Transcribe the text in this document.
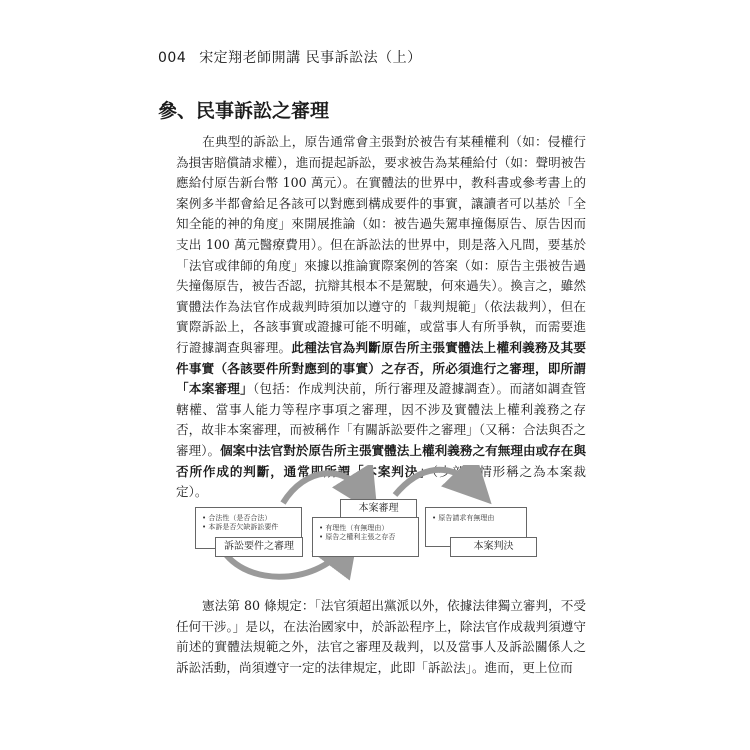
004 宋定翔老師開講 民事訴訟法（上）
參、民事訴訟之審理
在典型的訴訟上，原告通常會主張對於被告有某種權利（如：侵權行為損害賠償請求權），進而提起訴訟，要求被告為某種給付（如：聲明被告應給付原告新台幣 100 萬元）。在實體法的世界中，教科書或參考書上的案例多半都會給足各該可以對應到構成要件的事實，讓讀者可以基於「全知全能的神的角度」來開展推論（如：被告過失駕車撞傷原告、原告因而支出 100 萬元醫療費用）。但在訴訟法的世界中，則是落入凡間，要基於「法官或律師的角度」來據以推論實際案例的答案（如：原告主張被告過失撞傷原告，被告否認，抗辯其根本不是駕駛，何來過失）。換言之，雖然實體法作為法官作成裁判時須加以遵守的「裁判規範」（依法裁判），但在實際訴訟上，各該事實或證據可能不明確，或當事人有所爭執，而需要進行證據調查與審理。此種法官為判斷原告所主張實體法上權利義務及其要件事實（各該要件所對應到的事實）之存否，所必須進行之審理，即所謂「本案審理」（包括：作成判決前，所行審理及證據調查）。而諸如調查管轄權、當事人能力等程序事項之審理，因不涉及實體法上權利義務之存否，故非本案審理，而被稱作「有關訴訟要件之審理」（又稱：合法與否之審理）。個案中法官對於原告所主張實體法上權利義務之有無理由或存在與否所作成的判斷，通常即所謂「本案判決」（少部分情形稱之為本案裁定）。
• 合法性（是否合法）
• 本訴是否欠缺訴訟要件
訴訟要件之審理
本案審理
• 有理性（有無理由）
• 原告之權利主張之存否
• 原告請求有無理由
本案判決
憲法第 80 條規定：「法官須超出黨派以外，依據法律獨立審判，不受任何干涉。」是以，在法治國家中，於訴訟程序上，除法官作成裁判須遵守前述的實體法規範之外，法官之審理及裁判，以及當事人及訴訟關係人之訴訟活動，尚須遵守一定的法律規定，此即「訴訟法」。進而，更上位而
